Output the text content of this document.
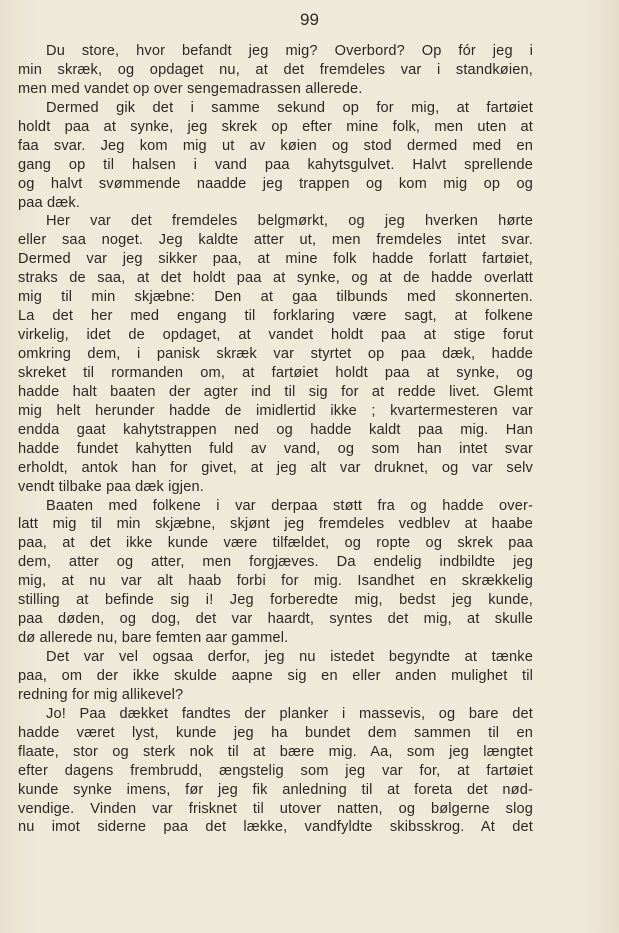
99
Du store, hvor befandt jeg mig? Overbord? Op fór jeg i
min skræk, og opdaget nu, at det fremdeles var i standkøien,
men med vandet op over sengemadrassen allerede.
Dermed gik det i samme sekund op for mig, at fartøiet
holdt paa at synke, jeg skrek op efter mine folk, men uten at
faa svar. Jeg kom mig ut av køien og stod dermed med en
gang op til halsen i vand paa kahytsgulvet. Halvt sprellende
og halvt svømmende naadde jeg trappen og kom mig op og
paa dæk.
Her var det fremdeles belgmørkt, og jeg hverken hørte
eller saa noget. Jeg kaldte atter ut, men fremdeles intet svar.
Dermed var jeg sikker paa, at mine folk hadde forlatt fartøiet,
straks de saa, at det holdt paa at synke, og at de hadde overlatt
mig til min skjæbne: Den at gaa tilbunds med skonnerten.
La det her med engang til forklaring være sagt, at folkene
virkelig, idet de opdaget, at vandet holdt paa at stige forut
omkring dem, i panisk skræk var styrtet op paa dæk, hadde
skreket til rormanden om, at fartøiet holdt paa at synke, og
hadde halt baaten der agter ind til sig for at redde livet. Glemt
mig helt herunder hadde de imidlertid ikke ; kvartermesteren var
endda gaat kahytstrappen ned og hadde kaldt paa mig. Han
hadde fundet kahytten fuld av vand, og som han intet svar
erholdt, antok han for givet, at jeg alt var druknet, og var selv
vendt tilbake paa dæk igjen.
Baaten med folkene i var derpaa støtt fra og hadde over-
latt mig til min skjæbne, skjønt jeg fremdeles vedblev at haabe
paa, at det ikke kunde være tilfældet, og ropte og skrek paa
dem, atter og atter, men forgjæves. Da endelig indbildte jeg
mig, at nu var alt haab forbi for mig. Isandhet en skrækkelig
stilling at befinde sig i! Jeg forberedte mig, bedst jeg kunde,
paa døden, og dog, det var haardt, syntes det mig, at skulle
dø allerede nu, bare femten aar gammel.
Det var vel ogsaa derfor, jeg nu istedet begyndte at tænke
paa, om der ikke skulde aapne sig en eller anden mulighet til
redning for mig allikevel?
Jo! Paa dækket fandtes der planker i massevis, og bare det
hadde været lyst, kunde jeg ha bundet dem sammen til en
flaate, stor og sterk nok til at bære mig. Aa, som jeg længtet
efter dagens frembrudd, ængstelig som jeg var for, at fartøiet
kunde synke imens, før jeg fik anledning til at foreta det nød-
vendige. Vinden var frisknet til utover natten, og bølgerne slog
nu imot siderne paa det lække, vandfyldte skibsskrog. At det
